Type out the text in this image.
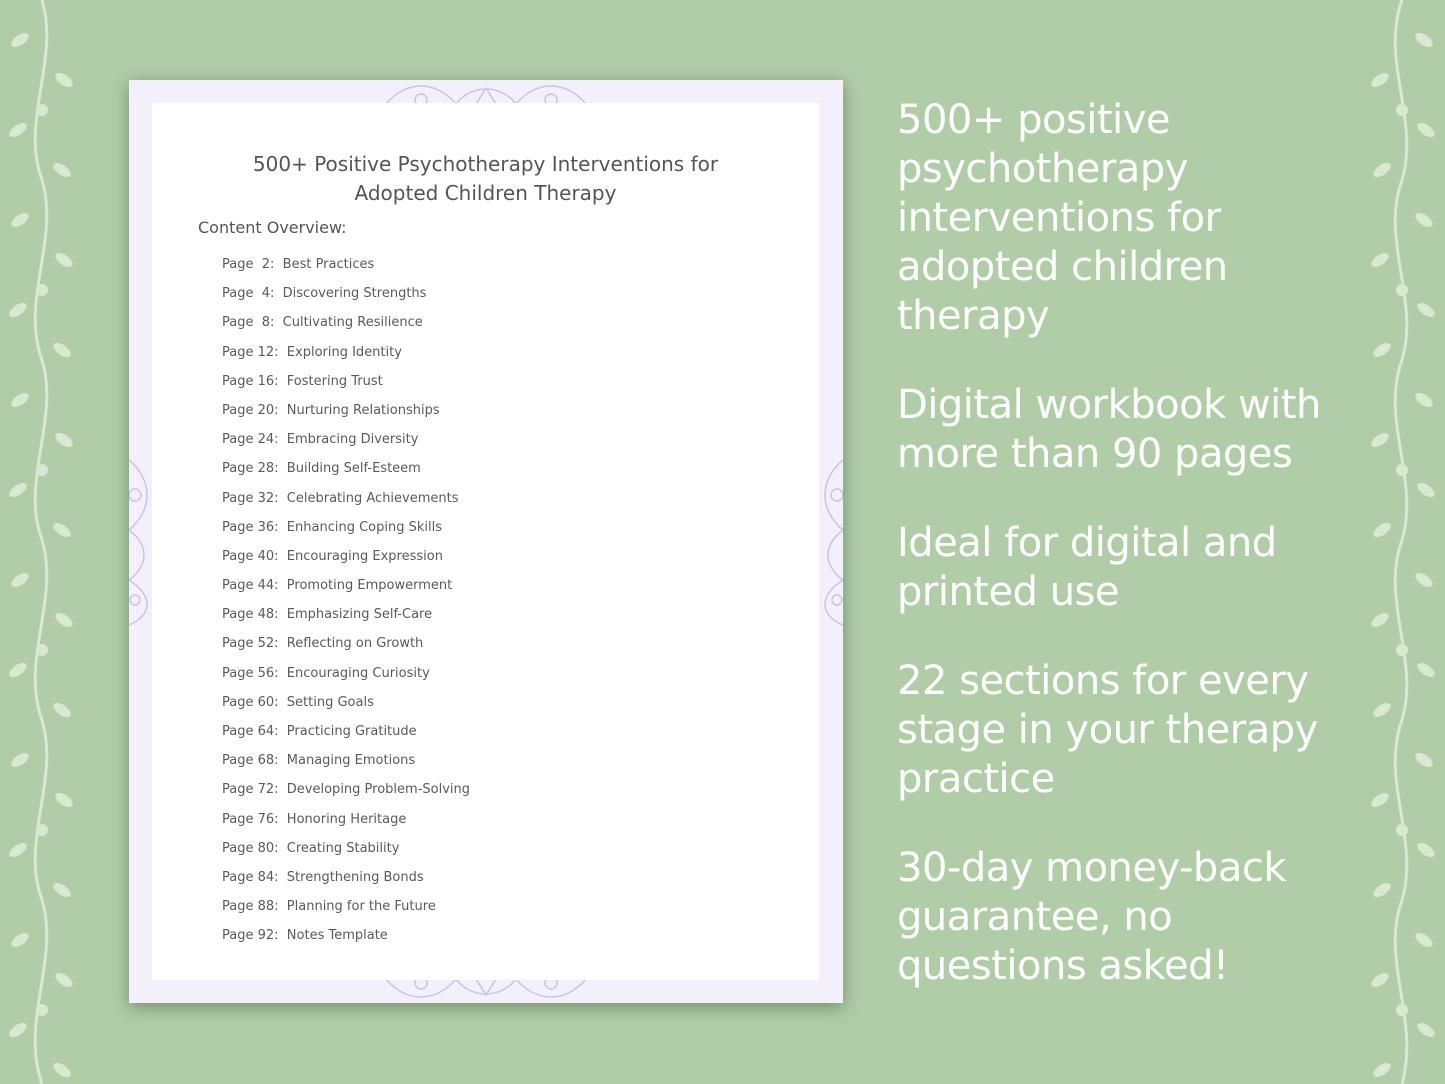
500+ Positive Psychotherapy Interventions for
Adopted Children Therapy
Content Overview:
Page  2: Best Practices
Page  4: Discovering Strengths
Page  8: Cultivating Resilience
Page 12: Exploring Identity
Page 16: Fostering Trust
Page 20: Nurturing Relationships
Page 24: Embracing Diversity
Page 28: Building Self-Esteem
Page 32: Celebrating Achievements
Page 36: Enhancing Coping Skills
Page 40: Encouraging Expression
Page 44: Promoting Empowerment
Page 48: Emphasizing Self-Care
Page 52: Reflecting on Growth
Page 56: Encouraging Curiosity
Page 60: Setting Goals
Page 64: Practicing Gratitude
Page 68: Managing Emotions
Page 72: Developing Problem-Solving
Page 76: Honoring Heritage
Page 80: Creating Stability
Page 84: Strengthening Bonds
Page 88: Planning for the Future
Page 92: Notes Template
500+ positive psychotherapy interventions for adopted children therapy
Digital workbook with more than 90 pages
Ideal for digital and printed use
22 sections for every stage in your therapy practice
30-day money-back guarantee, no questions asked!
